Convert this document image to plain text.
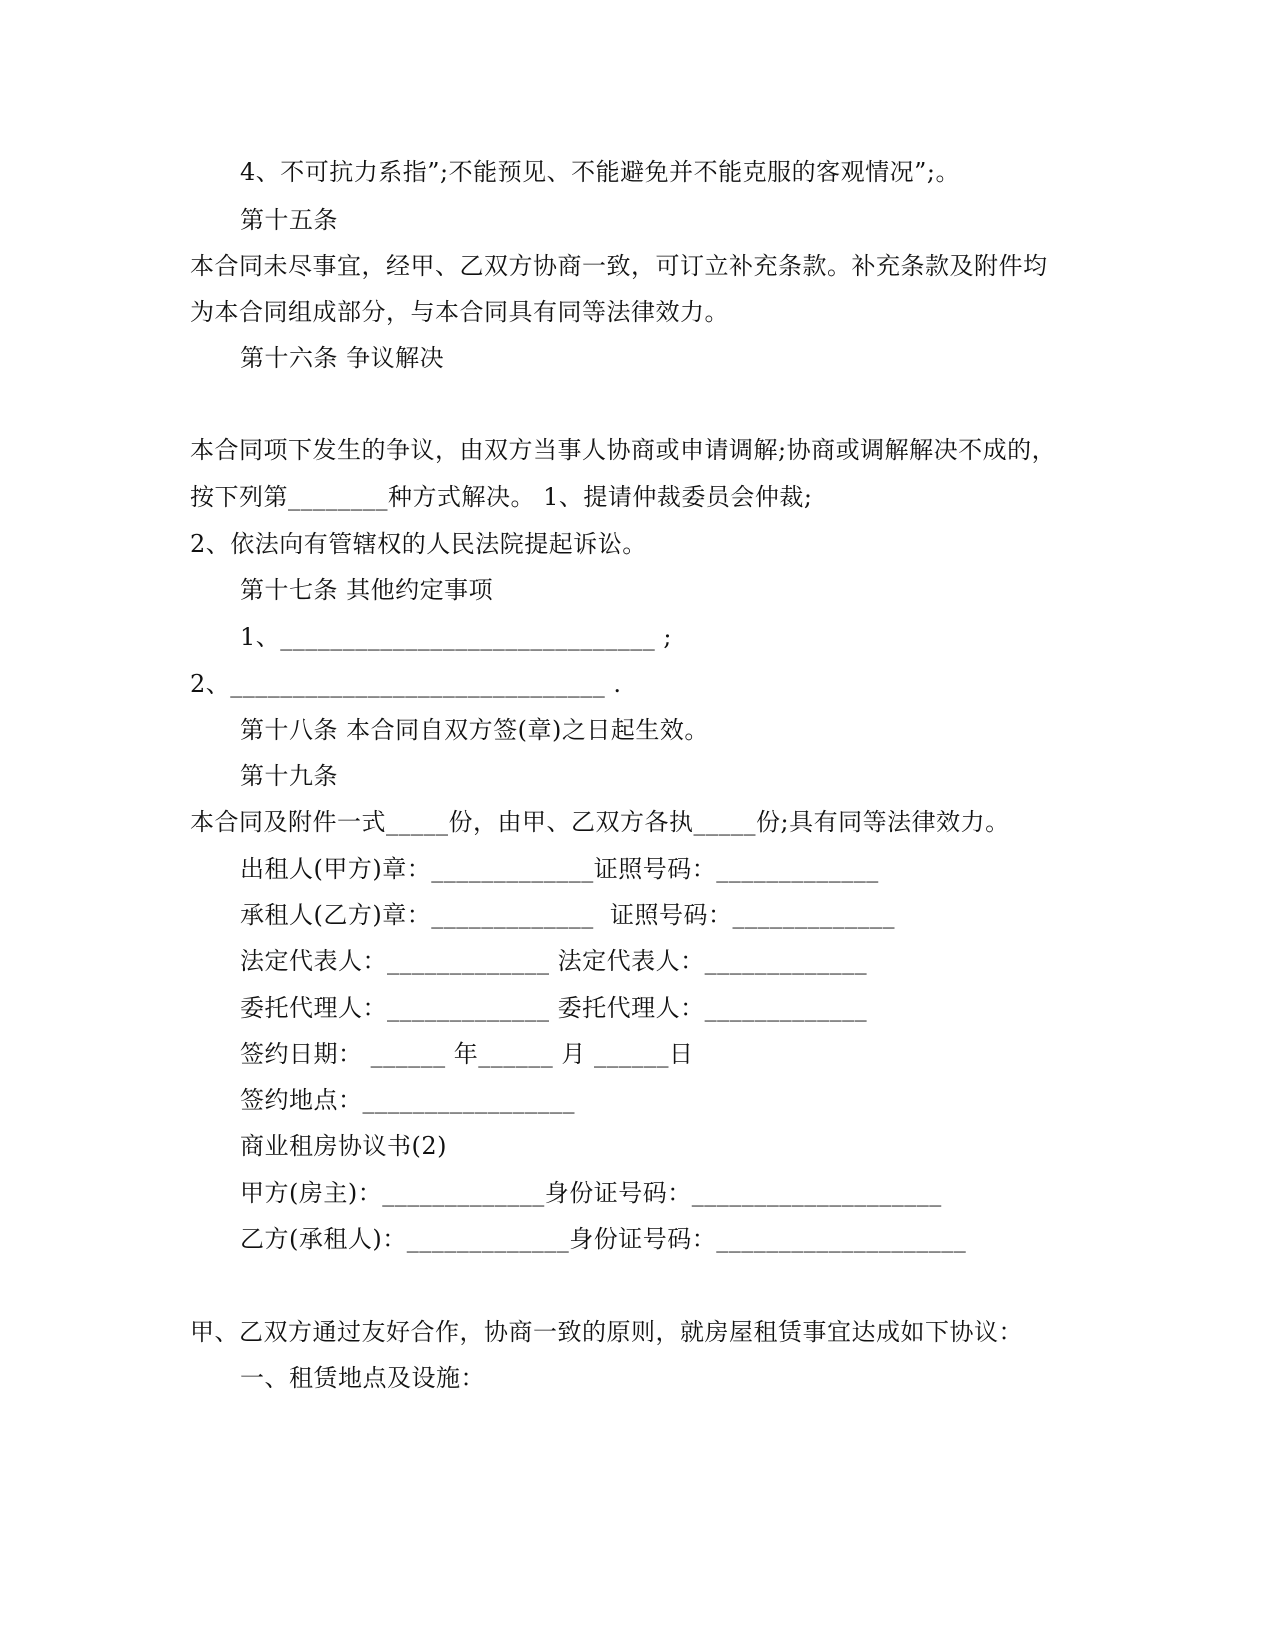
4、不可抗力系指”;不能预见、不能避免并不能克服的客观情况”;。
第十五条
本合同未尽事宜，经甲、乙双方协商一致，可订立补充条款。补充条款及附件均
为本合同组成部分，与本合同具有同等法律效力。
第十六条 争议解决
本合同项下发生的争议，由双方当事人协商或申请调解;协商或调解解决不成的，
按下列第________种方式解决。 1、提请仲裁委员会仲裁;
2、依法向有管辖权的人民法院提起诉讼。
第十七条 其他约定事项
1、______________________________ ;
2、______________________________ .
第十八条 本合同自双方签(章)之日起生效。
第十九条
本合同及附件一式_____份，由甲、乙双方各执_____份;具有同等法律效力。
出租人(甲方)章：_____________证照号码：_____________
承租人(乙方)章：_____________  证照号码：_____________
法定代表人：_____________ 法定代表人：_____________
委托代理人：_____________ 委托代理人：_____________
签约日期： ______ 年______ 月 ______日
签约地点：_________________
商业租房协议书(2)
甲方(房主)：_____________身份证号码：____________________
乙方(承租人)：_____________身份证号码：____________________
甲、乙双方通过友好合作，协商一致的原则，就房屋租赁事宜达成如下协议：
一、租赁地点及设施：
